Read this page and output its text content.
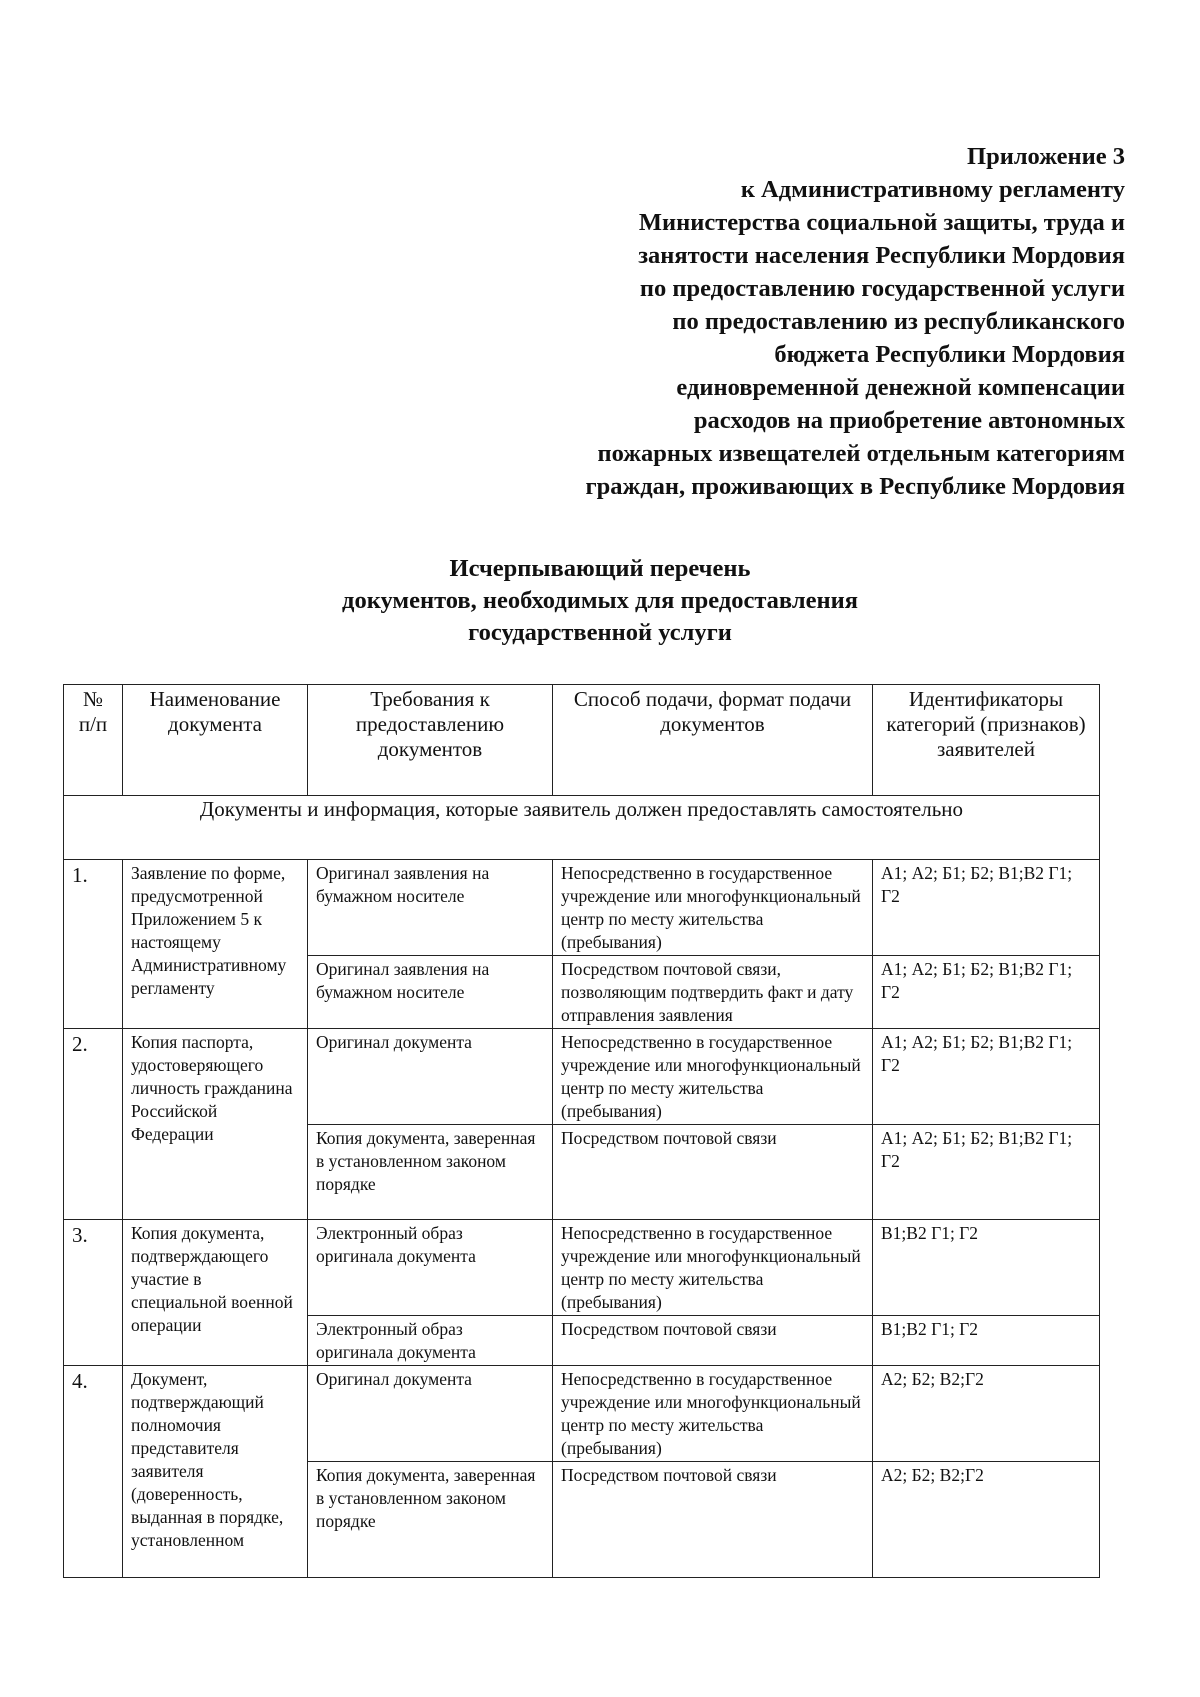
Приложение 3
к Административному регламенту
Министерства социальной защиты, труда и
занятости населения Республики Мордовия
по предоставлению государственной услуги
по предоставлению из республиканского
бюджета Республики Мордовия
единовременной денежной компенсации
расходов на приобретение автономных
пожарных извещателей отдельным категориям
граждан, проживающих в Республике Мордовия
Исчерпывающий перечень
документов, необходимых для предоставления
государственной услуги
№ п/п	Наименование документа	Требования к предоставлению документов	Способ подачи, формат подачи документов	Идентификаторы категорий (признаков) заявителей
Документы и информация, которые заявитель должен предоставлять самостоятельно				
1.	Заявление по форме, предусмотренной Приложением 5 к настоящему Административному регламенту	Оригинал заявления на бумажном носителе	Непосредственно в государственное учреждение или многофункциональный центр по месту жительства (пребывания)	А1; А2; Б1; Б2; В1;В2 Г1; Г2
		Оригинал заявления на бумажном носителе	Посредством почтовой связи, позволяющим подтвердить факт и дату отправления заявления	А1; А2; Б1; Б2; В1;В2 Г1; Г2
2.	Копия паспорта, удостоверяющего личность гражданина Российской Федерации	Оригинал документа	Непосредственно в государственное учреждение или многофункциональный центр по месту жительства (пребывания)	А1; А2; Б1; Б2; В1;В2 Г1; Г2
		Копия документа, заверенная в установленном законом порядке	Посредством почтовой связи	А1; А2; Б1; Б2; В1;В2 Г1; Г2
3.	Копия документа, подтверждающего участие в специальной военной операции	Электронный образ оригинала документа	Непосредственно в государственное учреждение или многофункциональный центр по месту жительства (пребывания)	В1;В2 Г1; Г2
		Электронный образ оригинала документа	Посредством почтовой связи	В1;В2 Г1; Г2
4.	Документ, подтверждающий полномочия представителя заявителя (доверенность, выданная в порядке, установленном	Оригинал документа	Непосредственно в государственное учреждение или многофункциональный центр по месту жительства (пребывания)	А2; Б2; В2;Г2
		Копия документа, заверенная в установленном законом порядке	Посредством почтовой связи	А2; Б2; В2;Г2
